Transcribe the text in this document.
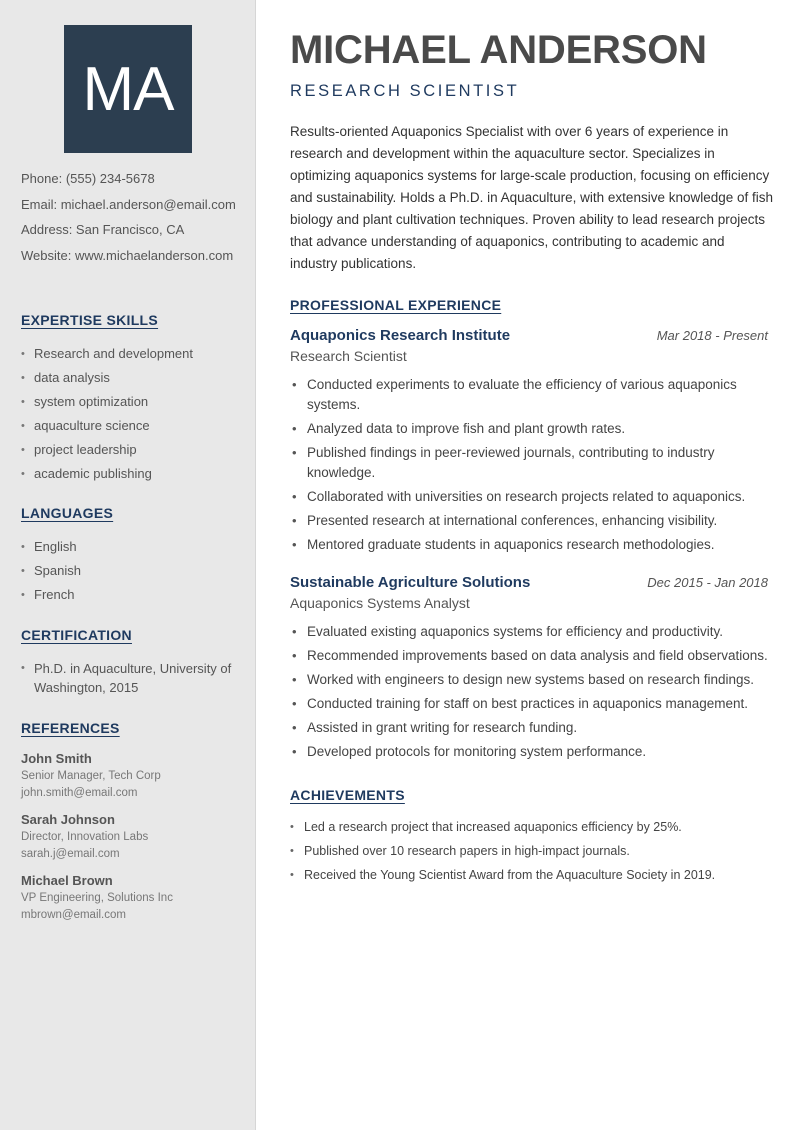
MA
Phone: (555) 234-5678
Email: michael.anderson@email.com
Address: San Francisco, CA
Website: www.michaelanderson.com
EXPERTISE SKILLS
• Research and development
• data analysis
• system optimization
• aquaculture science
• project leadership
• academic publishing
LANGUAGES
• English
• Spanish
• French
CERTIFICATION
• Ph.D. in Aquaculture, University of Washington, 2015
REFERENCES
John Smith
Senior Manager, Tech Corp
john.smith@email.com
Sarah Johnson
Director, Innovation Labs
sarah.j@email.com
Michael Brown
VP Engineering, Solutions Inc
mbrown@email.com
MICHAEL ANDERSON
RESEARCH SCIENTIST

Results-oriented Aquaponics Specialist with over 6 years of experience in research and development within the aquaculture sector. Specializes in optimizing aquaponics systems for large-scale production, focusing on efficiency and sustainability. Holds a Ph.D. in Aquaculture, with extensive knowledge of fish biology and plant cultivation techniques. Proven ability to lead research projects that advance understanding of aquaponics, contributing to academic and industry publications.

PROFESSIONAL EXPERIENCE
Aquaponics Research Institute	Mar 2018 - Present
Research Scientist
• Conducted experiments to evaluate the efficiency of various aquaponics systems.
• Analyzed data to improve fish and plant growth rates.
• Published findings in peer-reviewed journals, contributing to industry knowledge.
• Collaborated with universities on research projects related to aquaponics.
• Presented research at international conferences, enhancing visibility.
• Mentored graduate students in aquaponics research methodologies.
Sustainable Agriculture Solutions	Dec 2015 - Jan 2018
Aquaponics Systems Analyst
• Evaluated existing aquaponics systems for efficiency and productivity.
• Recommended improvements based on data analysis and field observations.
• Worked with engineers to design new systems based on research findings.
• Conducted training for staff on best practices in aquaponics management.
• Assisted in grant writing for research funding.
• Developed protocols for monitoring system performance.
ACHIEVEMENTS
• Led a research project that increased aquaponics efficiency by 25%.
• Published over 10 research papers in high-impact journals.
• Received the Young Scientist Award from the Aquaculture Society in 2019.
